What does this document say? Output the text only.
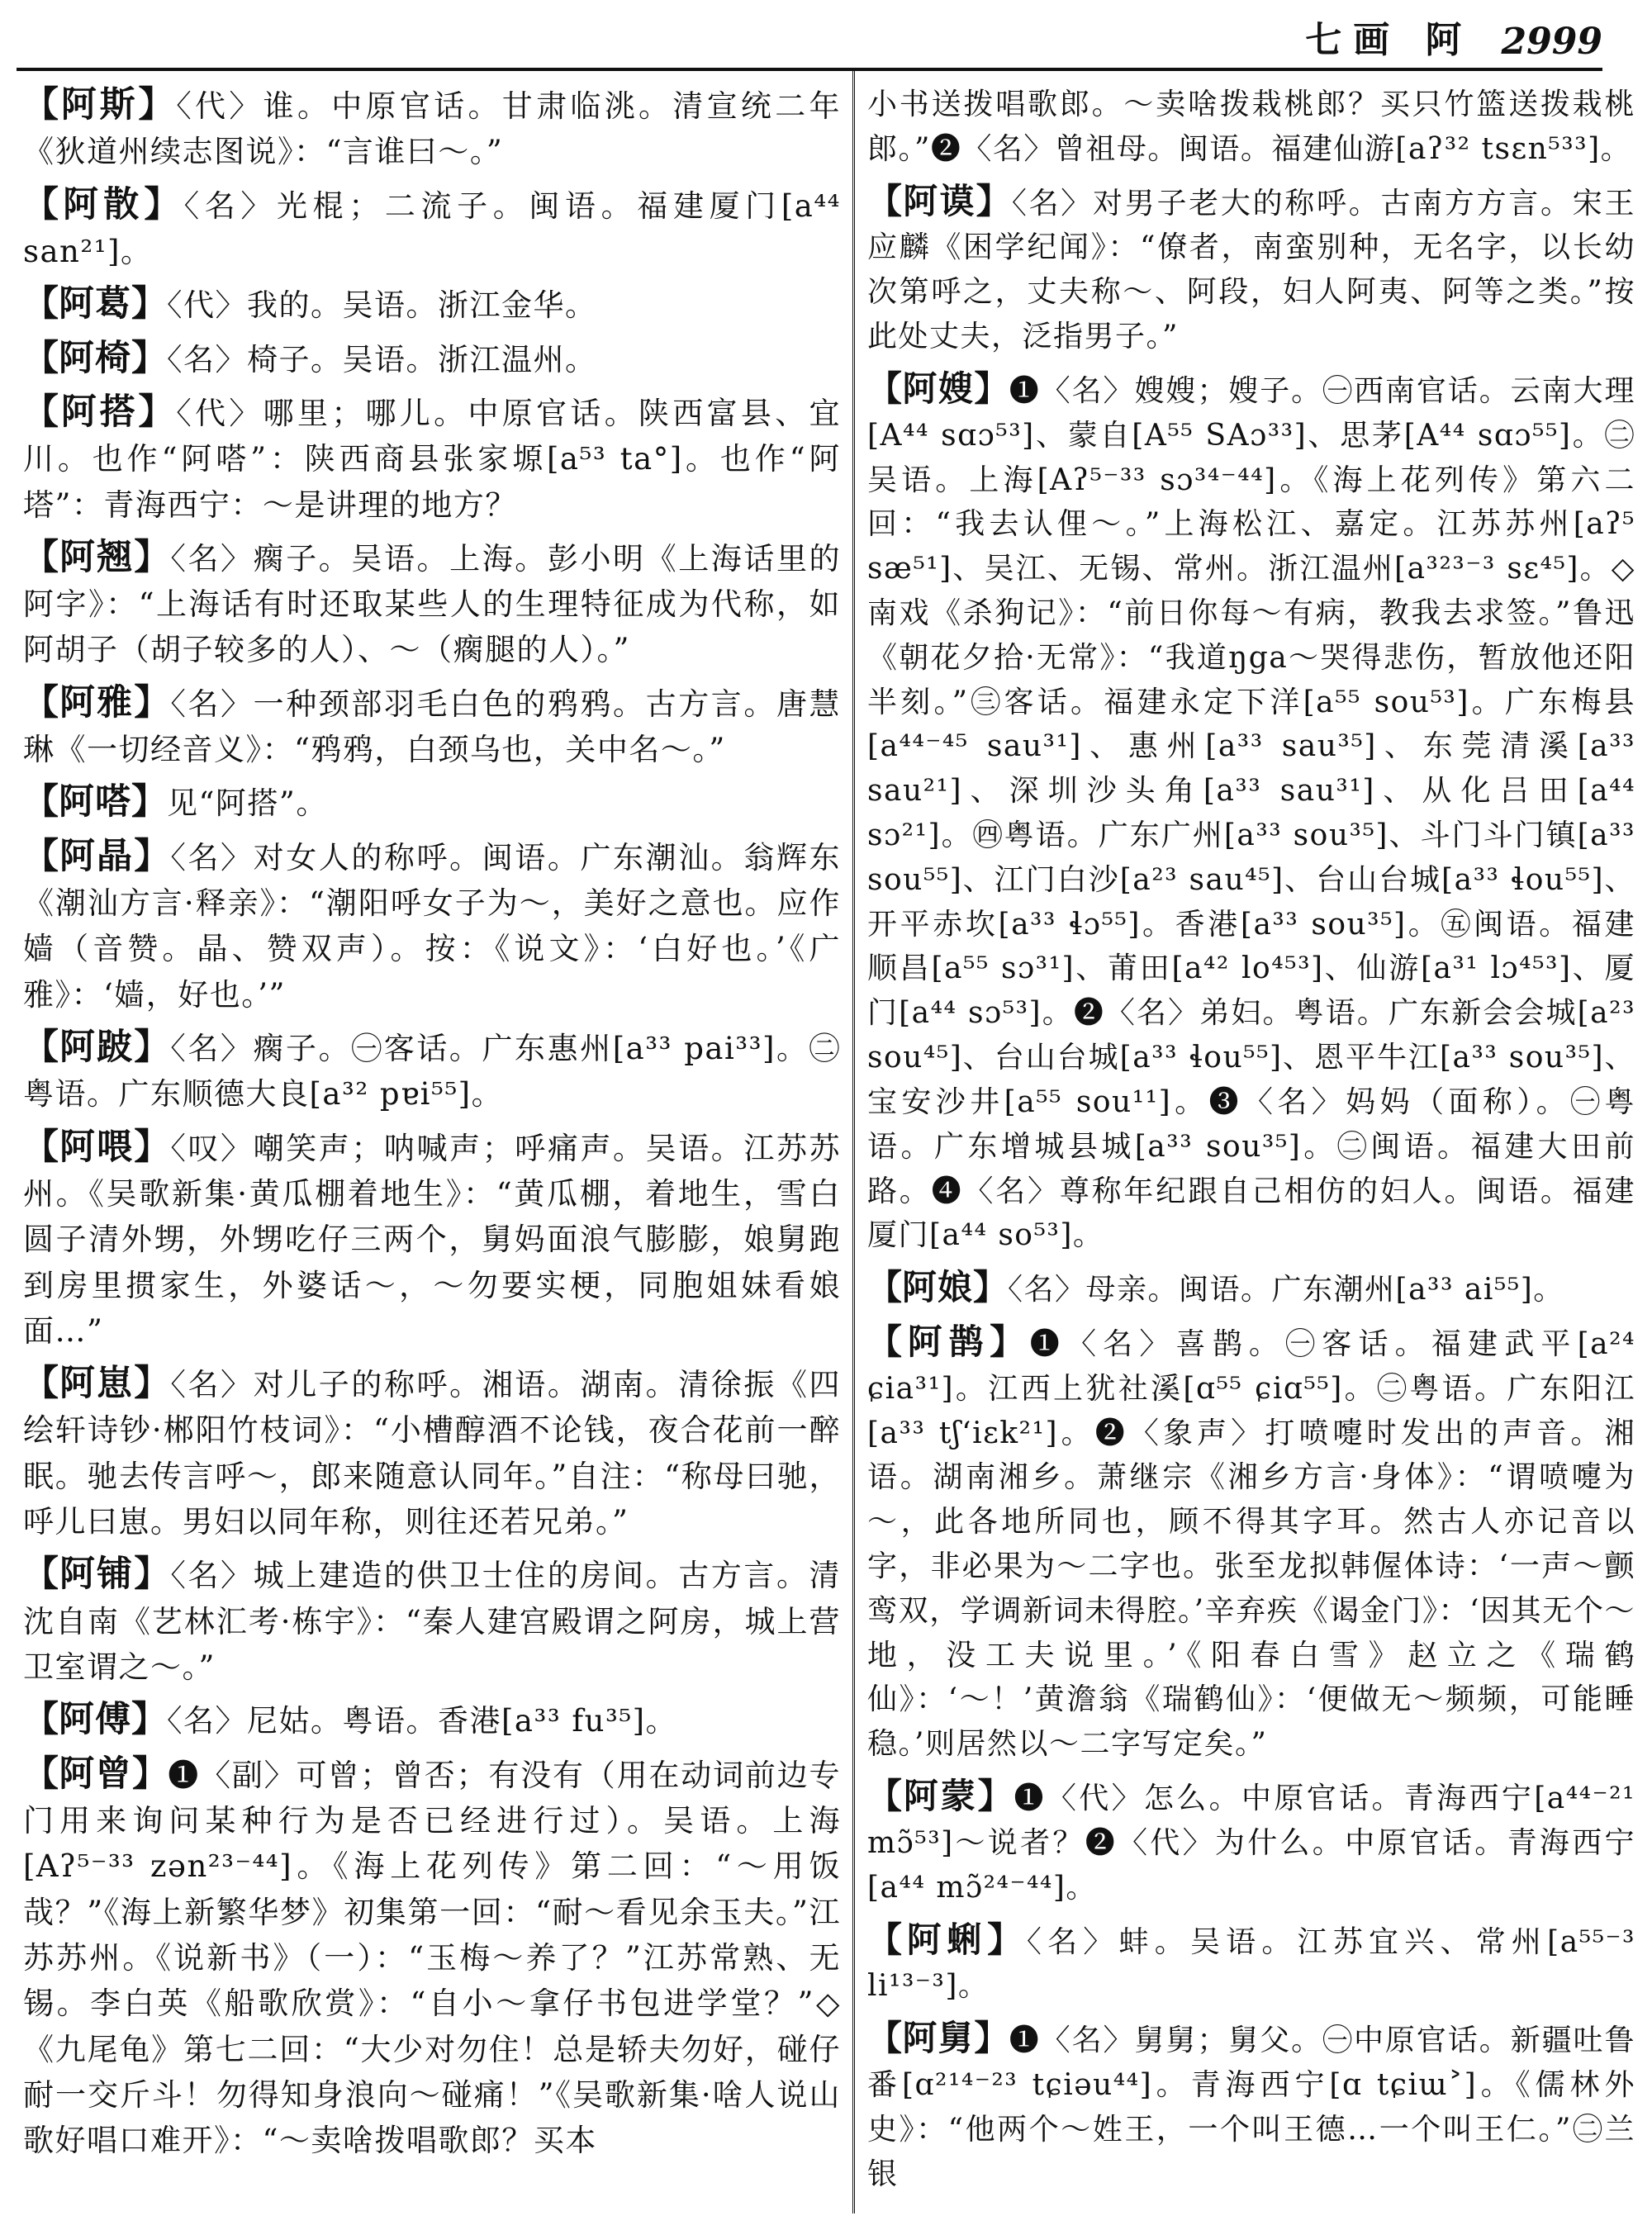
七画 阿 2999

【阿斯】〈代〉谁。中原官话。甘肃临洮。清宣统二年《狄道州续志图说》：“言谁曰～。”

【阿散】〈名〉光棍；二流子。闽语。福建厦门[a⁴⁴ san²¹]。

【阿葛】〈代〉我的。吴语。浙江金华。

【阿椅】〈名〉椅子。吴语。浙江温州。

【阿搭】〈代〉哪里；哪儿。中原官话。陕西富县、宜川。也作“阿嗒”：陕西商县张家塬[a⁵³ ta°]。也作“阿塔”：青海西宁：～是讲理的地方？

【阿翘】〈名〉瘸子。吴语。上海。彭小明《上海话里的阿字》：“上海话有时还取某些人的生理特征成为代称，如阿胡子（胡子较多的人）、～（瘸腿的人）。”

【阿雅】〈名〉一种颈部羽毛白色的鸦鸦。古方言。唐慧琳《一切经音义》：“鸦鸦，白颈乌也，关中名～。”

【阿嗒】见“阿搭”。

【阿晶】〈名〉对女人的称呼。闽语。广东潮汕。翁辉东《潮汕方言·释亲》：“潮阳呼女子为～，美好之意也。应作嫱（音赞。晶、赞双声）。按：《说文》：‘白好也。’《广雅》：‘嫱，好也。’”

【阿跛】〈名〉瘸子。㊀客话。广东惠州[a³³ pai³³]。㊁粤语。广东顺德大良[a³² pɐi⁵⁵]。

【阿喂】〈叹〉嘲笑声；呐喊声；呼痛声。吴语。江苏苏州。《吴歌新集·黄瓜棚着地生》：“黄瓜棚，着地生，雪白圆子清外甥，外甥吃仔三两个，舅妈面浪气膨膨，娘舅跑到房里掼家生，外婆话～，～勿要实梗，同胞姐妹看娘面…”

【阿崽】〈名〉对儿子的称呼。湘语。湖南。清徐振《四绘轩诗钞·郴阳竹枝词》：“小槽醇酒不论钱，夜合花前一醉眠。驰去传言呼～，郎来随意认同年。”自注：“称母曰驰，呼儿曰崽。男妇以同年称，则往还若兄弟。”

【阿铺】〈名〉城上建造的供卫士住的房间。古方言。清沈自南《艺林汇考·栋宇》：“秦人建宫殿谓之阿房，城上营卫室谓之～。”

【阿傅】〈名〉尼姑。粤语。香港[a³³ fu³⁵]。

【阿曾】❶〈副〉可曾；曾否；有没有（用在动词前边专门用来询问某种行为是否已经进行过）。吴语。上海[Aʔ⁵⁻³³ zən²³⁻⁴⁴]。《海上花列传》第二回：“～用饭哉？”《海上新繁华梦》初集第一回：“耐～看见余玉夫。”江苏苏州。《说新书》（一）：“玉梅～养了？”江苏常熟、无锡。李白英《船歌欣赏》：“自小～拿仔书包进学堂？”◇《九尾龟》第七二回：“大少对勿住！总是轿夫勿好，碰仔耐一交斤斗！勿得知身浪向～碰痛！”《吴歌新集·啥人说山歌好唱口难开》：“～卖啥拨唱歌郎？买本

小书送拨唱歌郎。～卖啥拨栽桃郎？买只竹篮送拨栽桃郎。”❷〈名〉曾祖母。闽语。福建仙游[aʔ³² tsɛn⁵³³]。

【阿谟】〈名〉对男子老大的称呼。古南方方言。宋王应麟《困学纪闻》：“僚者，南蛮别种，无名字，以长幼次第呼之，丈夫称～、阿段，妇人阿夷、阿等之类。”按此处丈夫，泛指男子。”

【阿嫂】❶〈名〉嫂嫂；嫂子。㊀西南官话。云南大理[A⁴⁴ sɑɔ⁵³]、蒙自[A⁵⁵ SAɔ³³]、思茅[A⁴⁴ sɑɔ⁵⁵]。㊁吴语。上海[Aʔ⁵⁻³³ sɔ³⁴⁻⁴⁴]。《海上花列传》第六二回：“我去认俚～。”上海松江、嘉定。江苏苏州[aʔ⁵ sæ⁵¹]、吴江、无锡、常州。浙江温州[a³²³⁻³ sɛ⁴⁵]。◇南戏《杀狗记》：“前日你每～有病，教我去求签。”鲁迅《朝花夕拾·无常》：“我道ŋga～哭得悲伤，暂放他还阳半刻。”㊂客话。福建永定下洋[a⁵⁵ sou⁵³]。广东梅县[a⁴⁴⁻⁴⁵ sau³¹]、惠州[a³³ sau³⁵]、东莞清溪[a³³ sau²¹]、深圳沙头角[a³³ sau³¹]、从化吕田[a⁴⁴ sɔ²¹]。㊃粤语。广东广州[a³³ sou³⁵]、斗门斗门镇[a³³ sou⁵⁵]、江门白沙[a²³ sau⁴⁵]、台山台城[a³³ ɬou⁵⁵]、开平赤坎[a³³ ɬɔ⁵⁵]。香港[a³³ sou³⁵]。㊄闽语。福建顺昌[a⁵⁵ sɔ³¹]、莆田[a⁴² lo⁴⁵³]、仙游[a³¹ lɔ⁴⁵³]、厦门[a⁴⁴ sɔ⁵³]。❷〈名〉弟妇。粤语。广东新会会城[a²³ sou⁴⁵]、台山台城[a³³ ɬou⁵⁵]、恩平牛江[a³³ sou³⁵]、宝安沙井[a⁵⁵ sou¹¹]。❸〈名〉妈妈（面称）。㊀粤语。广东增城县城[a³³ sou³⁵]。㊁闽语。福建大田前路。❹〈名〉尊称年纪跟自己相仿的妇人。闽语。福建厦门[a⁴⁴ so⁵³]。

【阿娘】〈名〉母亲。闽语。广东潮州[a³³ ai⁵⁵]。

【阿鹊】❶〈名〉喜鹊。㊀客话。福建武平[a²⁴ ɕia³¹]。江西上犹社溪[ɑ⁵⁵ ɕiɑ⁵⁵]。㊁粤语。广东阳江[a³³ tʃ‘iɛk²¹]。❷〈象声〉打喷嚏时发出的声音。湘语。湖南湘乡。萧继宗《湘乡方言·身体》：“谓喷嚏为～，此各地所同也，顾不得其字耳。然古人亦记音以字，非必果为～二字也。张至龙拟韩偓体诗：‘一声～颤鸾双，学调新词未得腔。’辛弃疾《谒金门》：‘因其无个～地，没工夫说里。’《阳春白雪》赵立之《瑞鹤仙》：‘～！’黄澹翁《瑞鹤仙》：‘便做无～频频，可能睡稳。’则居然以～二字写定矣。”

【阿蒙】❶〈代〉怎么。中原官话。青海西宁[a⁴⁴⁻²¹ mɔ̃⁵³]～说者？❷〈代〉为什么。中原官话。青海西宁[a⁴⁴ mɔ̃²⁴⁻⁴⁴]。

【阿蜊】〈名〉蚌。吴语。江苏宜兴、常州[a⁵⁵⁻³ li¹³⁻³]。

【阿舅】❶〈名〉舅舅；舅父。㊀中原官话。新疆吐鲁番[ɑ²¹⁴⁻²³ tɕiəu⁴⁴]。青海西宁[ɑ tɕiɯ˃]。《儒林外史》：“他两个～姓王，一个叫王德…一个叫王仁。”㊁兰银
